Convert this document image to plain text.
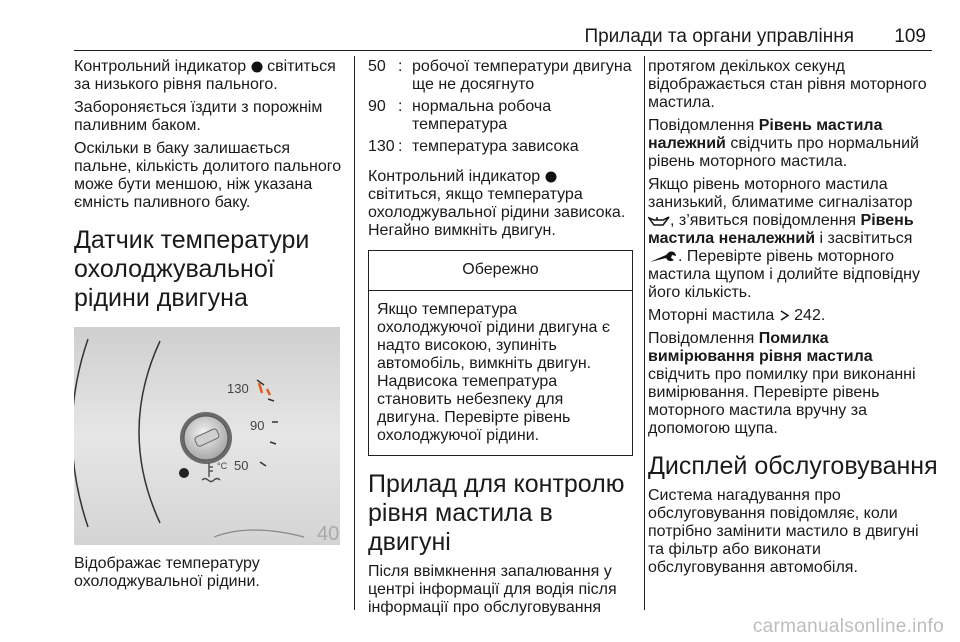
Прилади та органи управління 109

Контрольний індикатор світиться за низького рівня пального.

Забороняється їздити з порожнім паливним баком.

Оскільки в баку залишається пальне, кількість долитого пального може бути меншою, ніж указана ємність паливного баку.

Датчик температури охолоджувальної рідини двигуна
130
90
50
°C
40

Відображає температуру охолоджувальної рідини.

50 : робочої температури двигуна ще не досягнуто
90 : нормальна робоча температура
130 : температура зависока

Контрольний індикатор  світиться, якщо температура охолоджувальної рідини зависока. Негайно вимкніть двигун.

Обережно
Якщо температура охолоджуючої рідини двигуна є надто високою, зупиніть автомобіль, вимкніть двигун. Надвисока темепратура становить небезпеку для двигуна. Перевірте рівень охолоджуючої рідини.
Прилад для контролю рівня мастила в двигуні

Після ввімкнення запалювання у центрі інформації для водія після інформації про обслуговування

протягом декількох секунд відображається стан рівня моторного мастила.

Повідомлення Рівень мастила належний свідчить про нормальний рівень моторного мастила.

Якщо рівень моторного мастила занизький, блиматиме сигналізатор , з’явиться повідомлення Рівень мастила неналежний і засвітиться . Перевірте рівень моторного мастила щупом і долийте відповідну його кількість.

Моторні мастила 242.

Повідомлення Помилка вимірювання рівня мастила свідчить про помилку при виконанні вимірювання. Перевірте рівень моторного мастила вручну за допомогою щупа.

Дисплей обслуговування

Система нагадування про обслуговування повідомляє, коли потрібно замінити мастило в двигуні та фільтр або виконати обслуговування автомобіля.

carmanualsonline.info
